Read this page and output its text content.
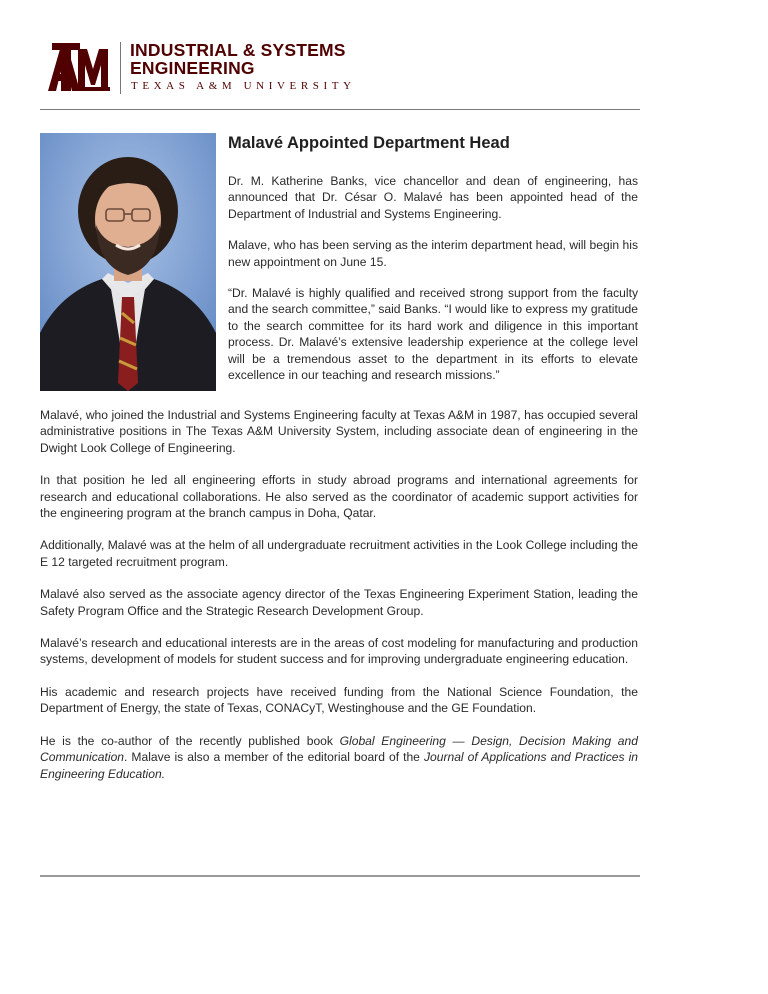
®
INDUSTRIAL & SYSTEMS
ENGINEERING
TEXAS A&M UNIVERSITY
Malavé Appointed Department Head

Dr. M. Katherine Banks, vice chancellor and dean of engineering, has announced that Dr. César O. Malavé has been appointed head of the Department of Industrial and Systems Engineering.

Malave, who has been serving as the interim department head, will begin his new appointment on June 15.

“Dr. Malavé is highly qualified and received strong support from the faculty and the search committee,” said Banks. “I would like to express my gratitude to the search committee for its hard work and diligence in this important process. Dr. Malavé’s extensive leadership experience at the college level will be a tremendous asset to the department in its efforts to elevate excellence in our teaching and research missions.”

Malavé, who joined the Industrial and Systems Engineering faculty at Texas A&M in 1987, has occupied several administrative positions in The Texas A&M University System, including associate dean of engineering in the Dwight Look College of Engineering.

In that position he led all engineering efforts in study abroad programs and international agreements for research and educational collaborations. He also served as the coordinator of academic support activities for the engineering program at the branch campus in Doha, Qatar.

Additionally, Malavé was at the helm of all undergraduate recruitment activities in the Look College including the E 12 targeted recruitment program.

Malavé also served as the associate agency director of the Texas Engineering Experiment Station, leading the Safety Program Office and the Strategic Research Development Group.

Malavé’s research and educational interests are in the areas of cost modeling for manufacturing and production systems, development of models for student success and for improving undergraduate engineering education.

His academic and research projects have received funding from the National Science Foundation, the Department of Energy, the state of Texas, CONACyT, Westinghouse and the GE Foundation.

He is the co-author of the recently published book Global Engineering — Design, Decision Making and Communication. Malave is also a member of the editorial board of the Journal of Applications and Practices in Engineering Education.
